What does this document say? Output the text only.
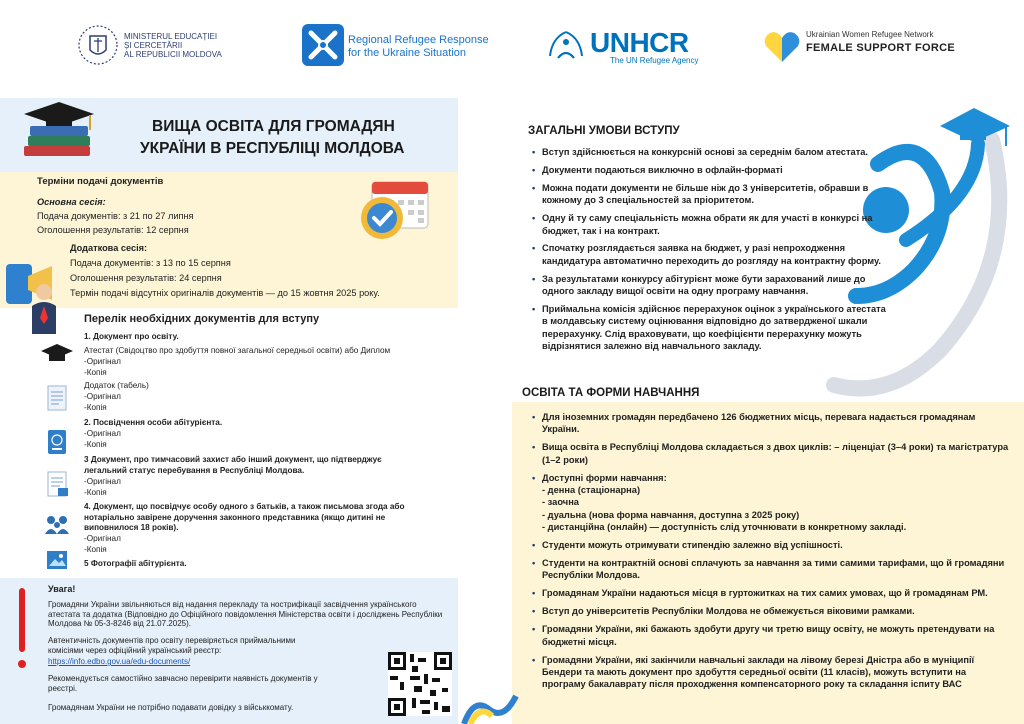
MINISTERUL EDUCAȚIEI
ȘI CERCETĂRII
AL REPUBLICII MOLDOVA
Regional Refugee Response
for the Ukraine Situation	UNHCR
The UN Refugee Agency
Ukrainian Women Refugee Network
FEMALE SUPPORT FORCE
ВИЩА ОСВІТА ДЛЯ ГРОМАДЯН
УКРАЇНИ В РЕСПУБЛІЦІ МОЛДОВА
Терміни подачі документів
Основна сесія:
Подача документів: з 21 по 27 липня
Оголошення результатів: 12 серпня
Додаткова сесія:
Подача документів: з 13 по 15 серпня
Оголошення результатів: 24 серпня
Термін подачі відсутніх оригіналів документів — до 15 жовтня 2025 року.
Перелік необхідних документів для вступу
1. Документ про освіту.
Атестат (Свідоцтво про здобуття повної загальної середньої освіти) або Диплом
-Оригінал
-Копія
Додаток (табель)
-Оригінал
-Копія
2. Посвідчення особи абітурієнта.
-Оригінал
-Копія
3 Документ, про тимчасовий захист або інший документ, що підтверджує легальний статус перебування в Республіці Молдова.
-Оригінал
-Копія
4. Документ, що посвідчує особу одного з батьків, а також письмова згода або нотаріально завірене доручення законного представника (якщо дитині не виповнилося 18 років).
-Оригінал
-Копія
5 Фотографії абітурієнта.
Увага!
Громадяни України звільняються від надання перекладу та нострифікації засвідчення українського атестата та додатка (Відповідно до Офіційного повідомлення Міністерства освіти і досліджень Республіки Молдова № 05-3-8246 від 21.07.2025).
Автентичність документів про освіту перевіряється приймальними комісіями через офіційний український реєстр:
https://info.edbo.gov.ua/edu-documents/
Рекомендується самостійно завчасно перевірити наявність документів у реєстрі.
Громадянам України не потрібно подавати довідку з військкомату.
ЗАГАЛЬНІ УМОВИ ВСТУПУ
• Вступ здійснюється на конкурсній основі за середнім балом атестата.
• Документи подаються виключно в офлайн-форматі
• Можна подати документи не більше ніж до 3 університетів, обравши в кожному до 3 спеціальностей за пріоритетом.
• Одну й ту саму спеціальність можна обрати як для участі в конкурсі на бюджет, так і на контракт.
• Спочатку розглядається заявка на бюджет, у разі непроходження кандидатура автоматично переходить до розгляду на контрактну форму.
• За результатами конкурсу абітурієнт може бути зарахований лише до одного закладу вищої освіти на одну програму навчання.
• Приймальна комісія здійснює перерахунок оцінок з українського атестата в молдавську систему оцінювання відповідно до затвердженої шкали перерахунку. Слід враховувати, що коефіцієнти перерахунку можуть відрізнятися залежно від навчального закладу.
ОСВІТА ТА ФОРМИ НАВЧАННЯ
• Для іноземних громадян передбачено 126 бюджетних місць, перевага надається громадянам України.
• Вища освіта в Республіці Молдова складається з двох циклів: – ліценціат (3–4 роки) та магістратура (1–2 роки)
• Доступні форми навчання:
- денна (стаціонарна)
- заочна
- дуальна (нова форма навчання, доступна з 2025 року)
- дистанційна (онлайн) — доступність слід уточнювати в конкретному закладі.
• Студенти можуть отримувати стипендію залежно від успішності.
• Студенти на контрактній основі сплачують за навчання за тими самими тарифами, що й громадяни Республіки Молдова.
• Громадянам України надаються місця в гуртожитках на тих самих умовах, що й громадянам РМ.
• Вступ до університетів Республіки Молдова не обмежується віковими рамками.
• Громадяни України, які бажають здобути другу чи третю вищу освіту, не можуть претендувати на бюджетні місця.
• Громадяни України, які закінчили навчальні заклади на лівому березі Дністра або в муніципії Бендери та мають документ про здобуття середньої освіти (11 класів), можуть вступити на програму бакалаврату після проходження компенсаторного року та складання іспиту ВАС
